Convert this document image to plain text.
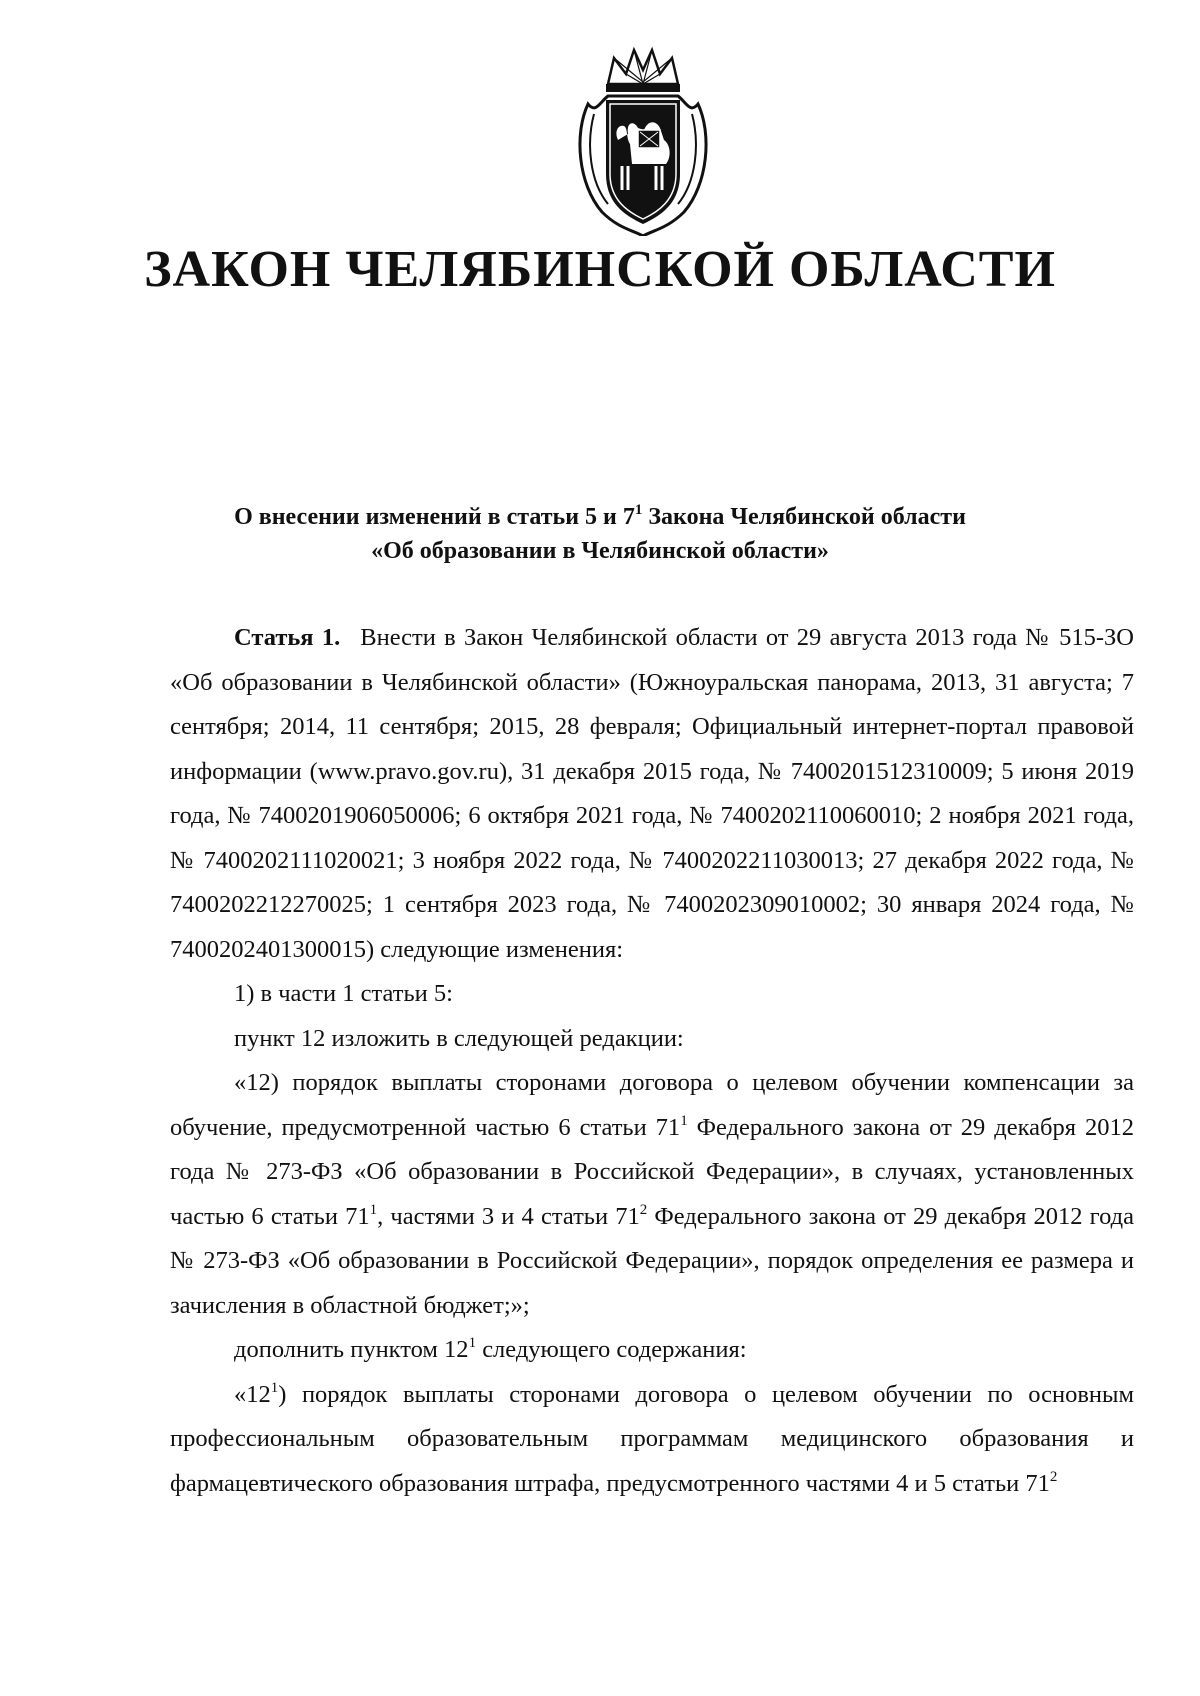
ЗАКОН ЧЕЛЯБИНСКОЙ ОБЛАСТИ
О внесении изменений в статьи 5 и $7^1$ Закона Челябинской области
«Об образовании в Челябинской области»

Статья 1. Внести в Закон Челябинской области от 29 августа 2013 года № 515-ЗО «Об образовании в Челябинской области» (Южноуральская панорама, 2013, 31 августа; 7 сентября; 2014, 11 сентября; 2015, 28 февраля; Официальный интернет-портал правовой информации (www.pravo.gov.ru), 31 декабря 2015 года, № 7400201512310009; 5 июня 2019 года, № 7400201906050006; 6 октября 2021 года, № 7400202110060010; 2 ноября 2021 года, № 7400202111020021; 3 ноября 2022 года, № 7400202211030013; 27 декабря 2022 года, № 7400202212270025; 1 сентября 2023 года, № 7400202309010002; 30 января 2024 года, № 7400202401300015) следующие изменения:

1) в части 1 статьи 5:

пункт 12 изложить в следующей редакции:

«12) порядок выплаты сторонами договора о целевом обучении компенсации за обучение, предусмотренной частью 6 статьи $71^1$ Федерального закона от 29 декабря 2012 года № 273-ФЗ «Об образовании в Российской Федерации», в случаях, установленных частью 6 статьи $71^1$, частями 3 и 4 статьи $71^2$ Федерального закона от 29 декабря 2012 года № 273-ФЗ «Об образовании в Российской Федерации», порядок определения ее размера и зачисления в областной бюджет;»;

дополнить пунктом $12^1$ следующего содержания:

«$12^1$) порядок выплаты сторонами договора о целевом обучении по основным профессиональным образовательным программам медицинского образования и фармацевтического образования штрафа, предусмотренного частями 4 и 5 статьи $71^2$
